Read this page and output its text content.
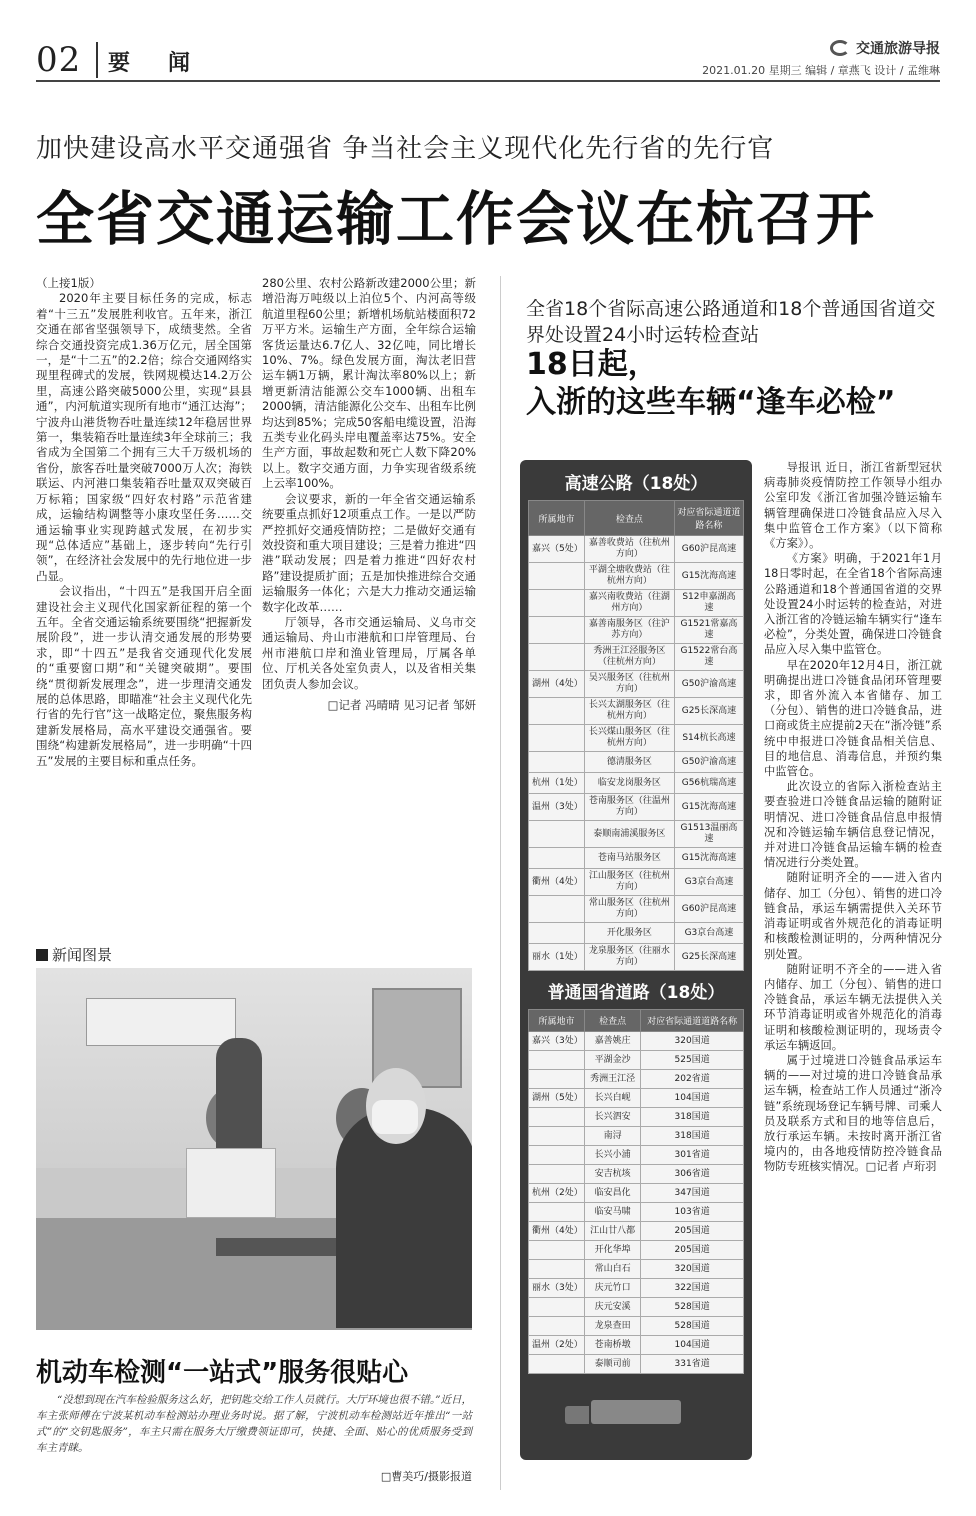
02 要闻
交通旅游导报
2021.01.20 星期三 编辑 / 章燕飞 设计 / 孟维琳
加快建设高水平交通强省 争当社会主义现代化先行省的先行官
全省交通运输工作会议在杭召开

（上接1版）

2020年主要目标任务的完成，标志着“十三五”发展胜利收官。五年来，浙江交通在部省坚强领导下，成绩斐然。全省综合交通投资完成1.36万亿元，居全国第一，是“十二五”的2.2倍；综合交通网络实现里程碑式的发展，铁网规模达14.2万公里，高速公路突破5000公里，实现“县县通”，内河航道实现所有地市“通江达海”；宁波舟山港货物吞吐量连续12年稳居世界第一，集装箱吞吐量连续3年全球前三；我省成为全国第二个拥有三大千万级机场的省份，旅客吞吐量突破7000万人次；海铁联运、内河港口集装箱吞吐量双双突破百万标箱；国家级“四好农村路”示范省建成，运输结构调整等小康攻坚任务……交通运输事业实现跨越式发展，在初步实现“总体适应”基础上，逐步转向“先行引领”，在经济社会发展中的先行地位进一步凸显。

会议指出，“十四五”是我国开启全面建设社会主义现代化国家新征程的第一个五年。全省交通运输系统要围绕“把握新发展阶段”，进一步认清交通发展的形势要求，即“十四五”是我省交通现代化发展的“重要窗口期”和“关键突破期”。要围绕“贯彻新发展理念”，进一步理清交通发展的总体思路，即瞄准“社会主义现代化先行省的先行官”这一战略定位，聚焦服务构建新发展格局，高水平建设交通强省。要围绕“构建新发展格局”，进一步明确“十四五”发展的主要目标和重点任务。

280公里、农村公路新改建2000公里；新增沿海万吨级以上泊位5个、内河高等级航道里程60公里；新增机场航站楼面积72万平方米。运输生产方面，全年综合运输客货运量达6.7亿人、32亿吨，同比增长10%、7%。绿色发展方面，淘汰老旧营运车辆1万辆，累计淘汰率80%以上；新增更新清洁能源公交车1000辆、出租车2000辆，清洁能源化公交车、出租车比例均达到85%；完成50客船电缆设置，沿海五类专业化码头岸电覆盖率达75%。安全生产方面，事故起数和死亡人数下降20%以上。数字交通方面，力争实现省级系统上云率100%。

会议要求，新的一年全省交通运输系统要重点抓好12项重点工作。一是以严防严控抓好交通疫情防控；二是做好交通有效投资和重大项目建设；三是着力推进“四港”联动发展；四是着力推进“四好农村路”建设提质扩面；五是加快推进综合交通运输服务一体化；六是大力推动交通运输数字化改革……

厅领导，各市交通运输局、义乌市交通运输局、舟山市港航和口岸管理局、台州市港航口岸和渔业管理局，厅属各单位、厅机关各处室负责人，以及省相关集团负责人参加会议。

□记者 冯晴晴 见习记者 邹妍

全省18个省际高速公路通道和18个普通国省道交界处设置24小时运转检查站
18日起，
入浙的这些车辆“逢车必检”
高速公路（18处）
所属地市	检查点	对应省际通道道路名称
嘉兴（5处）	嘉善收费站（往杭州方向）	G60沪昆高速
	平湖全塘收费站（往杭州方向）	G15沈海高速
	嘉兴南收费站（往湖州方向）	S12申嘉湖高速
	嘉善南服务区（往沪苏方向）	G1521常嘉高速
	秀洲王江泾服务区（往杭州方向）	G1522常台高速
湖州（4处）	吴兴服务区（往杭州方向）	G50沪渝高速
	长兴太湖服务区（往杭州方向）	G25长深高速
	长兴煤山服务区（往杭州方向）	S14杭长高速
	德清服务区	G50沪渝高速
杭州（1处）	临安龙岗服务区	G56杭瑞高速
温州（3处）	苍南服务区（往温州方向）	G15沈海高速
	泰顺南浦溪服务区	G1513温丽高速
	苍南马站服务区	G15沈海高速
衢州（4处）	江山服务区（往杭州方向）	G3京台高速
	常山服务区（往杭州方向）	G60沪昆高速
	开化服务区	G3京台高速
丽水（1处）	龙泉服务区（往丽水方向）	G25长深高速
普通国省道路（18处）
所属地市	检查点	对应省际通道道路名称
嘉兴（3处）	嘉善姚庄	320国道
	平湖金沙	525国道
	秀洲王江泾	202省道
湖州（5处）	长兴白岘	104国道
	长兴泗安	318国道
	南浔	318国道
	长兴小浦	301省道
	安吉杭垓	306省道
杭州（2处）	临安昌化	347国道
	临安马啸	103省道
衢州（4处）	江山廿八都	205国道
	开化华埠	205国道
	常山白石	320国道
丽水（3处）	庆元竹口	322国道
	庆元安溪	528国道
	龙泉查田	528国道
温州（2处）	苍南桥墩	104国道
	泰顺司前	331省道

导报讯 近日，浙江省新型冠状病毒肺炎疫情防控工作领导小组办公室印发《浙江省加强冷链运输车辆管理确保进口冷链食品应入尽入集中监管仓工作方案》（以下简称《方案》）。

《方案》明确，于2021年1月18日零时起，在全省18个省际高速公路通道和18个普通国省道的交界处设置24小时运转的检查站，对进入浙江省的冷链运输车辆实行“逢车必检”，分类处置，确保进口冷链食品应入尽入集中监管仓。

早在2020年12月4日，浙江就明确提出进口冷链食品闭环管理要求，即省外流入本省储存、加工（分包）、销售的进口冷链食品，进口商或货主应提前2天在“浙冷链”系统中申报进口冷链食品相关信息、目的地信息、消毒信息，并预约集中监管仓。

此次设立的省际入浙检查站主要查验进口冷链食品运输的随附证明情况、进口冷链食品信息申报情况和冷链运输车辆信息登记情况，并对进口冷链食品运输车辆的检查情况进行分类处置。

随附证明齐全的——进入省内储存、加工（分包）、销售的进口冷链食品，承运车辆需提供入关环节消毒证明或省外规范化的消毒证明和核酸检测证明的，分两种情况分别处置。

随附证明不齐全的——进入省内储存、加工（分包）、销售的进口冷链食品，承运车辆无法提供入关环节消毒证明或省外规范化的消毒证明和核酸检测证明的，现场责令承运车辆返回。

属于过境进口冷链食品承运车辆的——对过境的进口冷链食品承运车辆，检查站工作人员通过“浙冷链”系统现场登记车辆号牌、司乘人员及联系方式和目的地等信息后，放行承运车辆。未按时离开浙江省境内的，由各地疫情防控冷链食品物防专班核实情况。□记者 卢珩羽

新闻图景
机动车检测“一站式”服务很贴心
“没想到现在汽车检验服务这么好，把钥匙交给工作人员就行。大厅环境也很不错。”近日，车主张师傅在宁波某机动车检测站办理业务时说。据了解，宁波机动车检测站近年推出“一站式”的“交钥匙服务”，车主只需在服务大厅缴费领证即可，快捷、全面、贴心的优质服务受到车主青睐。
□曹美巧/摄影报道
